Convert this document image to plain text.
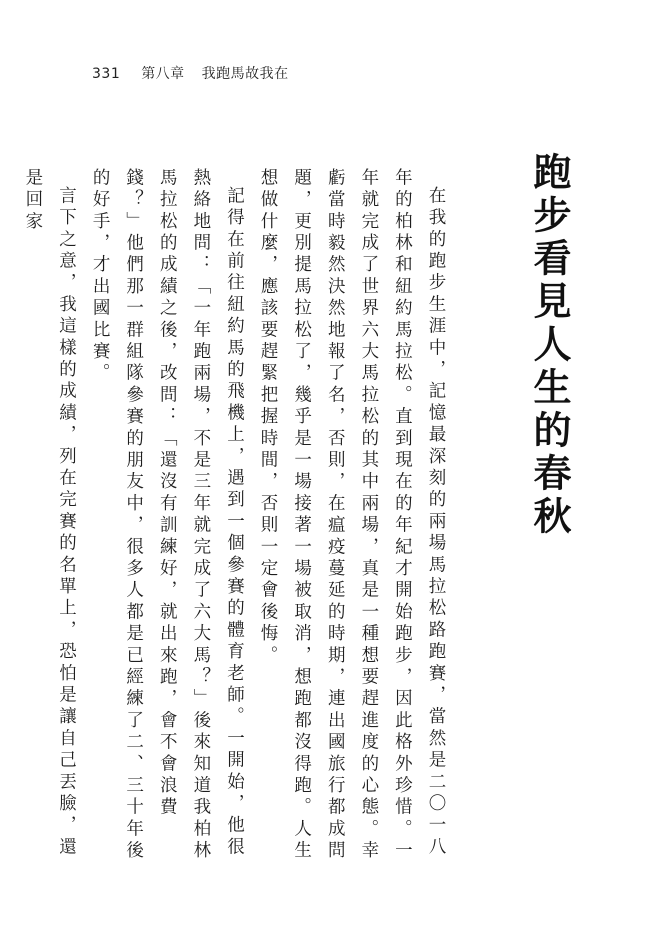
331 第八章 我跑馬故我在
跑步看見人生的春秋

在我的跑步生涯中，記憶最深刻的兩場馬拉松路跑賽，當然是二〇一八年的柏林和紐約馬拉松。直到現在的年紀才開始跑步，因此格外珍惜。一年就完成了世界六大馬拉松的其中兩場，真是一種想要趕進度的心態。幸虧當時毅然決然地報了名，否則，在瘟疫蔓延的時期，連出國旅行都成問題，更別提馬拉松了，幾乎是一場接著一場被取消，想跑都沒得跑。人生想做什麼，應該要趕緊把握時間，否則一定會後悔。

記得在前往紐約馬的飛機上，遇到一個參賽的體育老師。一開始，他很熱絡地問：「一年跑兩場，不是三年就完成了六大馬？」後來知道我柏林馬拉松的成績之後，改問：「還沒有訓練好，就出來跑，會不會浪費錢？」他們那一群組隊參賽的朋友中，很多人都是已經練了二、三十年後的好手，才出國比賽。

言下之意，我這樣的成績，列在完賽的名單上，恐怕是讓自己丟臉，還是回家
